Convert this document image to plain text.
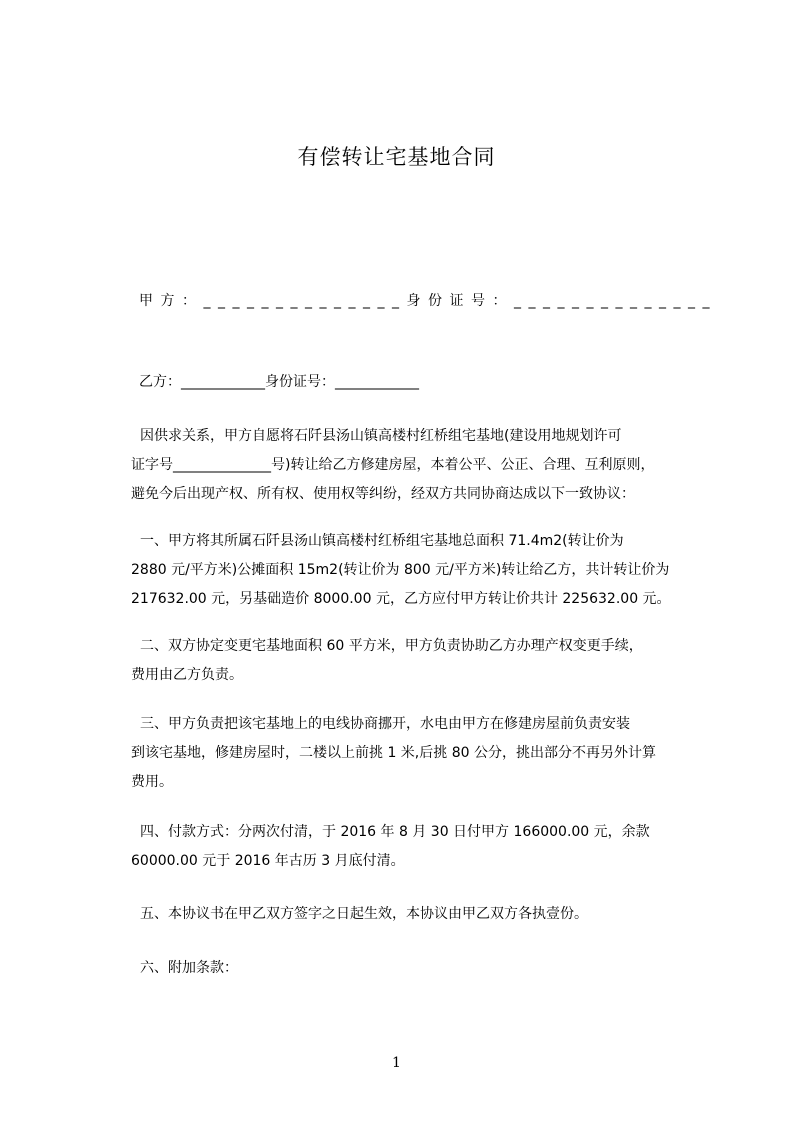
有偿转让宅基地合同
甲方：______________身份证号：______________
乙方：____________身份证号：____________
因供求关系，甲方自愿将石阡县汤山镇高楼村红桥组宅基地(建设用地规划许可
证字号______________号)转让给乙方修建房屋，本着公平、公正、合理、互利原则，
避免今后出现产权、所有权、使用权等纠纷，经双方共同协商达成以下一致协议：
一、甲方将其所属石阡县汤山镇高楼村红桥组宅基地总面积 71.4m2(转让价为
2880 元/平方米)公摊面积 15m2(转让价为 800 元/平方米)转让给乙方，共计转让价为
217632.00 元，另基础造价 8000.00 元，乙方应付甲方转让价共计 225632.00 元。
二、双方协定变更宅基地面积 60 平方米，甲方负责协助乙方办理产权变更手续，
费用由乙方负责。
三、甲方负责把该宅基地上的电线协商挪开，水电由甲方在修建房屋前负责安装
到该宅基地，修建房屋时，二楼以上前挑 1 米,后挑 80 公分，挑出部分不再另外计算
费用。
四、付款方式：分两次付清，于 2016 年 8 月 30 日付甲方 166000.00 元，余款
60000.00 元于 2016 年古历 3 月底付清。
五、本协议书在甲乙双方签字之日起生效，本协议由甲乙双方各执壹份。
六、附加条款：
1
